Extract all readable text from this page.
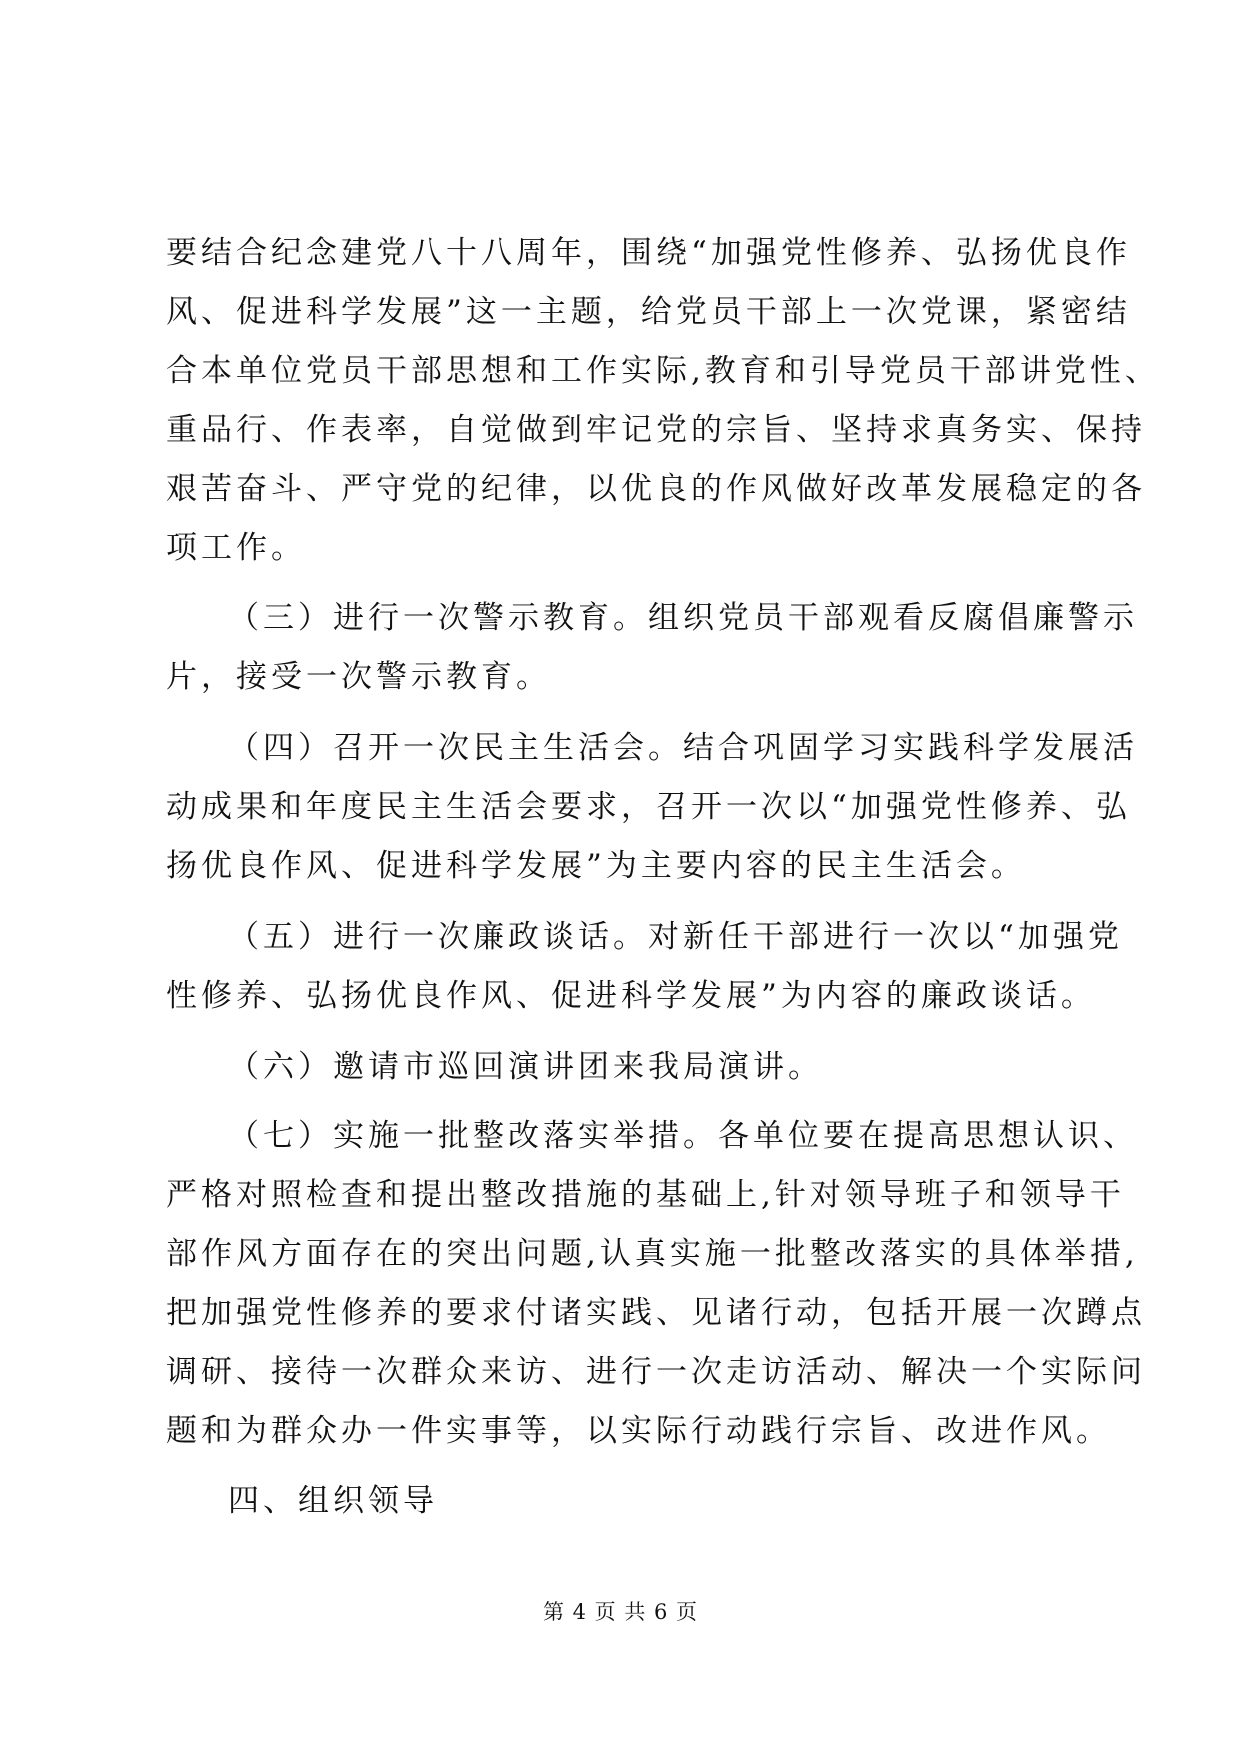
要结合纪念建党八十八周年，围绕“加强党性修养、弘扬优良作
风、促进科学发展”这一主题，给党员干部上一次党课，紧密结
合本单位党员干部思想和工作实际,教育和引导党员干部讲党性、
重品行、作表率，自觉做到牢记党的宗旨、坚持求真务实、保持
艰苦奋斗、严守党的纪律，以优良的作风做好改革发展稳定的各
项工作。
（三）进行一次警示教育。组织党员干部观看反腐倡廉警示
片，接受一次警示教育。
（四）召开一次民主生活会。结合巩固学习实践科学发展活
动成果和年度民主生活会要求，召开一次以“加强党性修养、弘
扬优良作风、促进科学发展”为主要内容的民主生活会。
（五）进行一次廉政谈话。对新任干部进行一次以“加强党
性修养、弘扬优良作风、促进科学发展”为内容的廉政谈话。
（六）邀请市巡回演讲团来我局演讲。
（七）实施一批整改落实举措。各单位要在提高思想认识、
严格对照检查和提出整改措施的基础上,针对领导班子和领导干
部作风方面存在的突出问题,认真实施一批整改落实的具体举措,
把加强党性修养的要求付诸实践、见诸行动，包括开展一次蹲点
调研、接待一次群众来访、进行一次走访活动、解决一个实际问
题和为群众办一件实事等，以实际行动践行宗旨、改进作风。
四、组织领导
第 4 页 共 6 页
